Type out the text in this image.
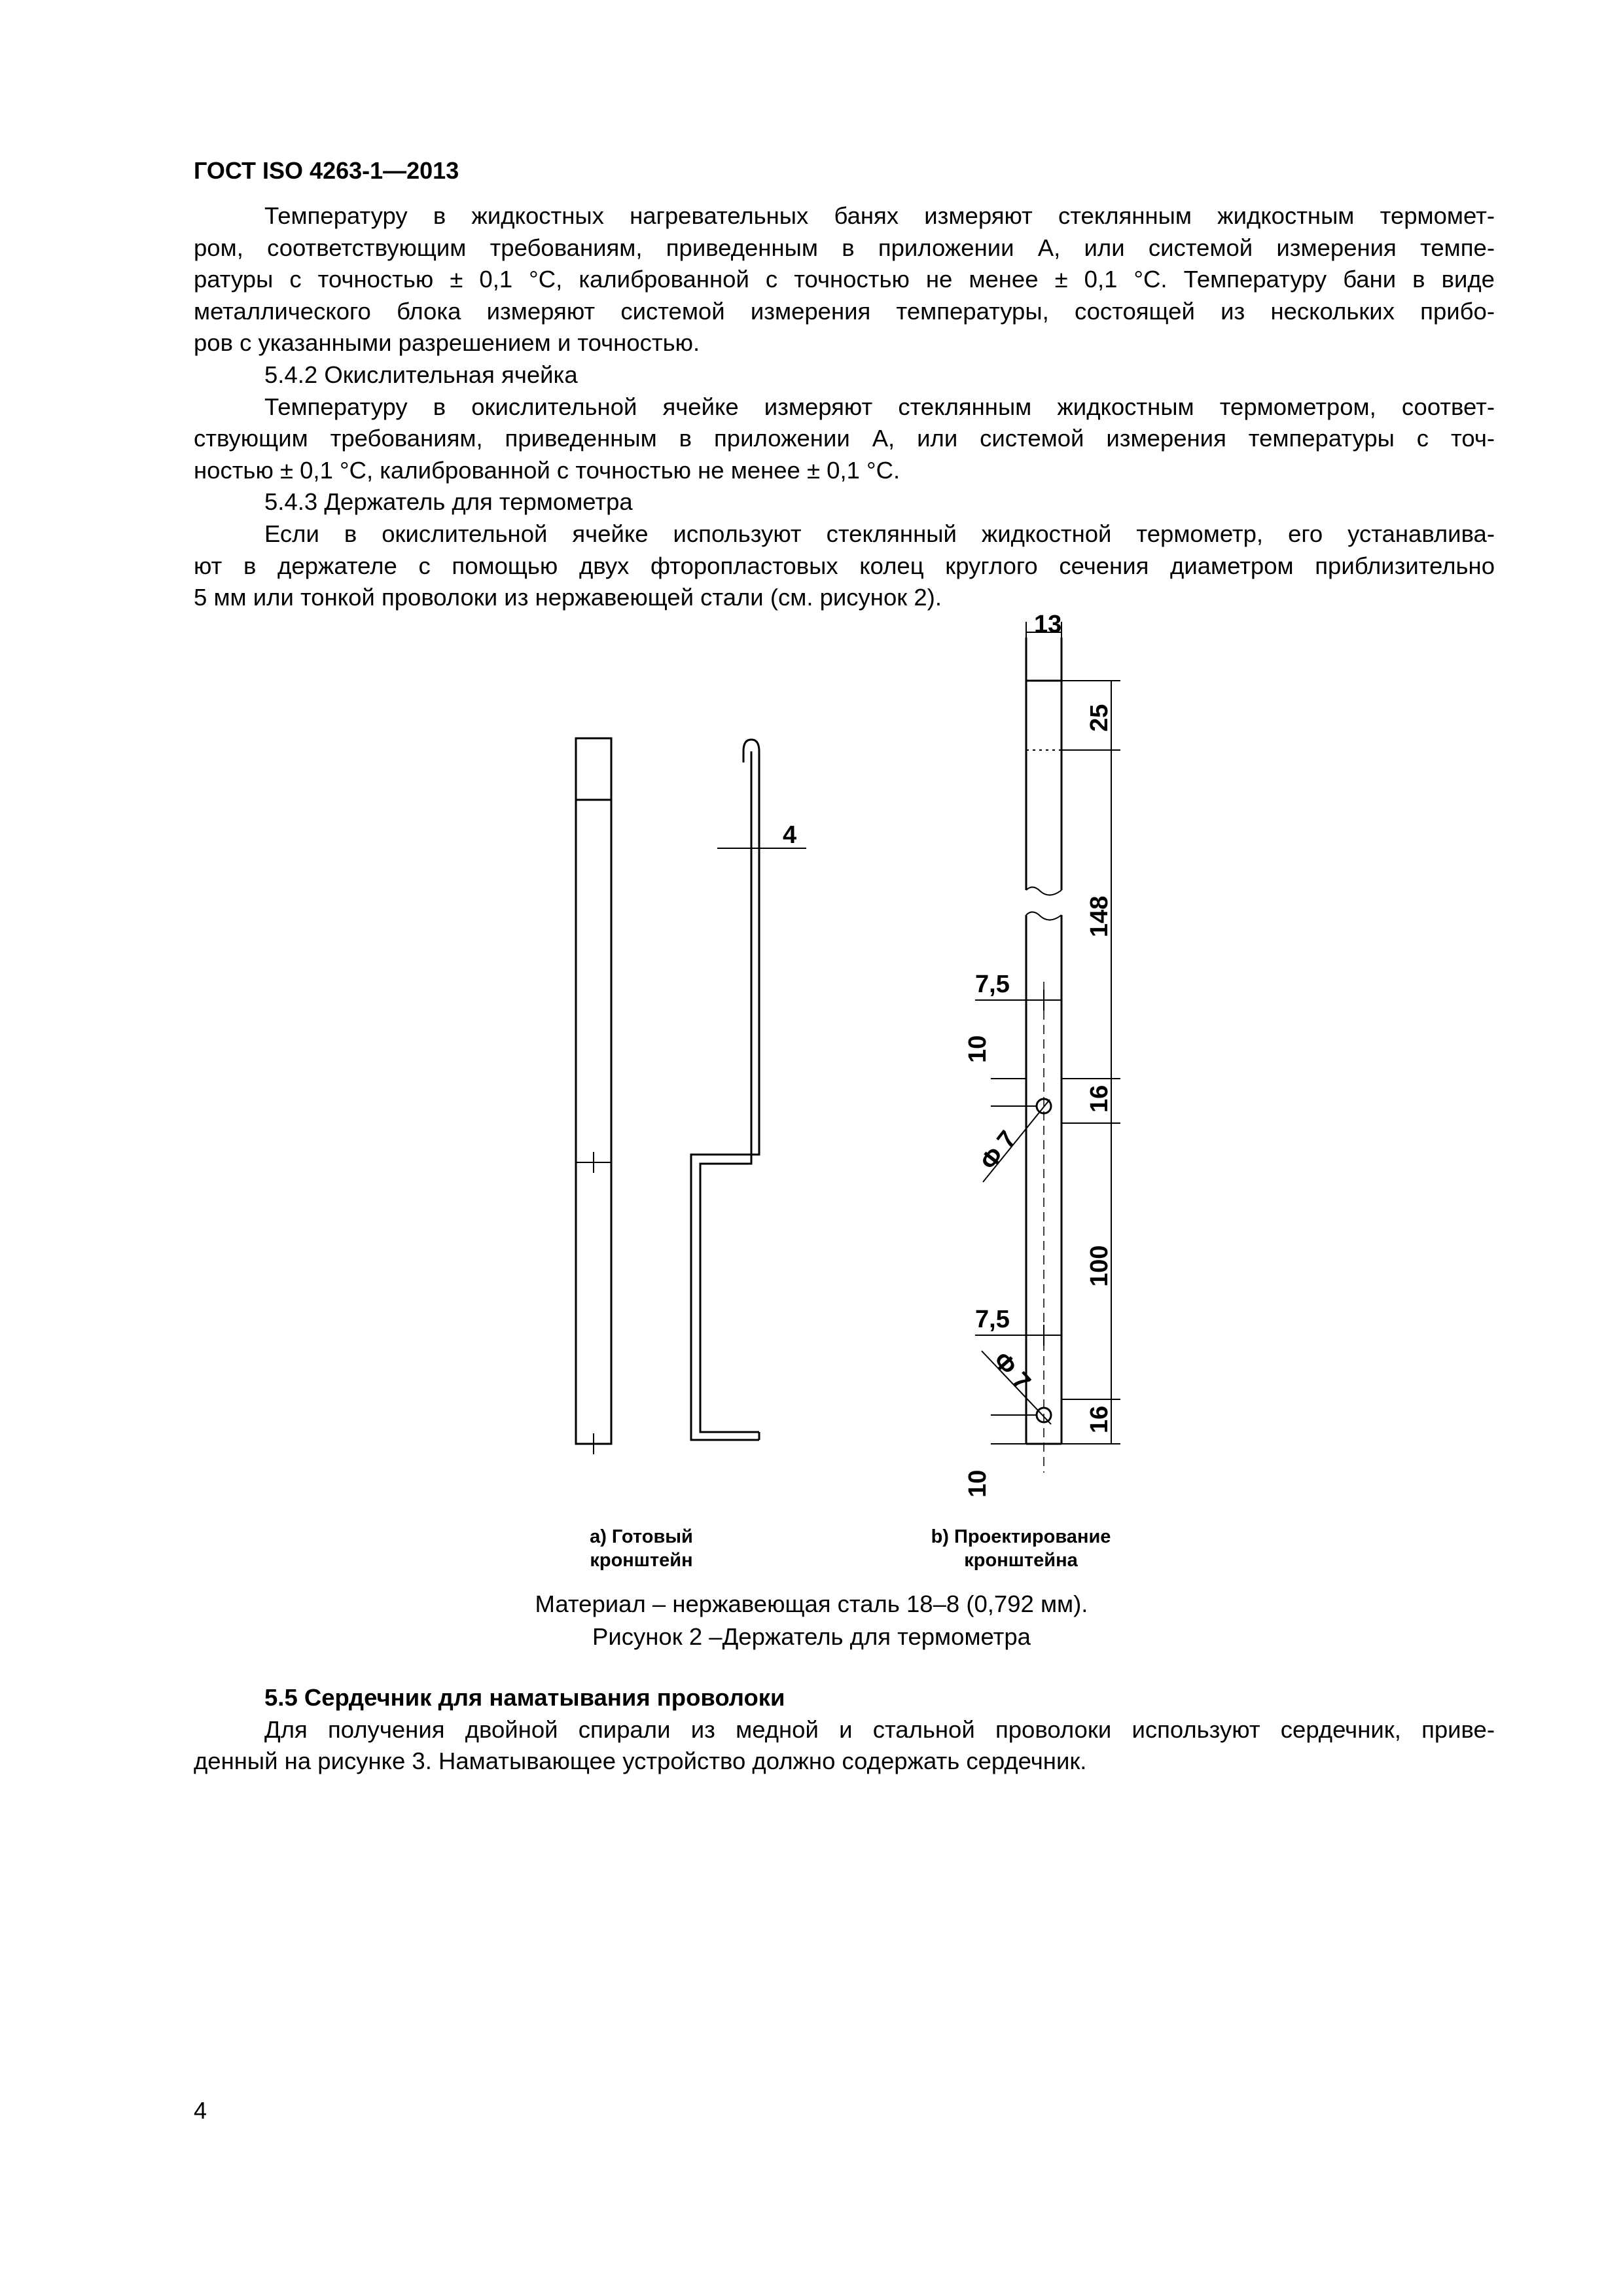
ГОСТ ISO 4263-1—2013
Температуру в жидкостных нагревательных банях измеряют стеклянным жидкостным термомет-
ром, соответствующим требованиям, приведенным в приложении А, или системой измерения темпе-
ратуры с точностью ± 0,1 °С, калиброванной с точностью не менее ± 0,1 °С. Температуру бани в виде
металлического блока измеряют системой измерения температуры, состоящей из нескольких прибо-
ров с указанными разрешением и точностью.
5.4.2 Окислительная ячейка
Температуру в окислительной ячейке измеряют стеклянным жидкостным термометром, соответ-
ствующим требованиям, приведенным в приложении А, или системой измерения температуры с точ-
ностью ± 0,1 °С, калиброванной с точностью не менее ± 0,1 °С.
5.4.3 Держатель для термометра
Если в окислительной ячейке используют стеклянный жидкостной термометр, его устанавлива-
ют в держателе с помощью двух фторопластовых колец круглого сечения диаметром приблизительно
5 мм или тонкой проволоки из нержавеющей стали (см. рисунок 2).
13
4
7,5
7,5
25
148
16
100
16
10
10
Φ 7
Φ 7
а) Готовый
кронштейн
b) Проектирование
кронштейна
Материал – нержавеющая сталь 18–8 (0,792 мм).
Рисунок 2 –Держатель для термометра
5.5 Сердечник для наматывания проволоки
Для получения двойной спирали из медной и стальной проволоки используют сердечник, приве-
денный на рисунке 3. Наматывающее устройство должно содержать сердечник.
4
